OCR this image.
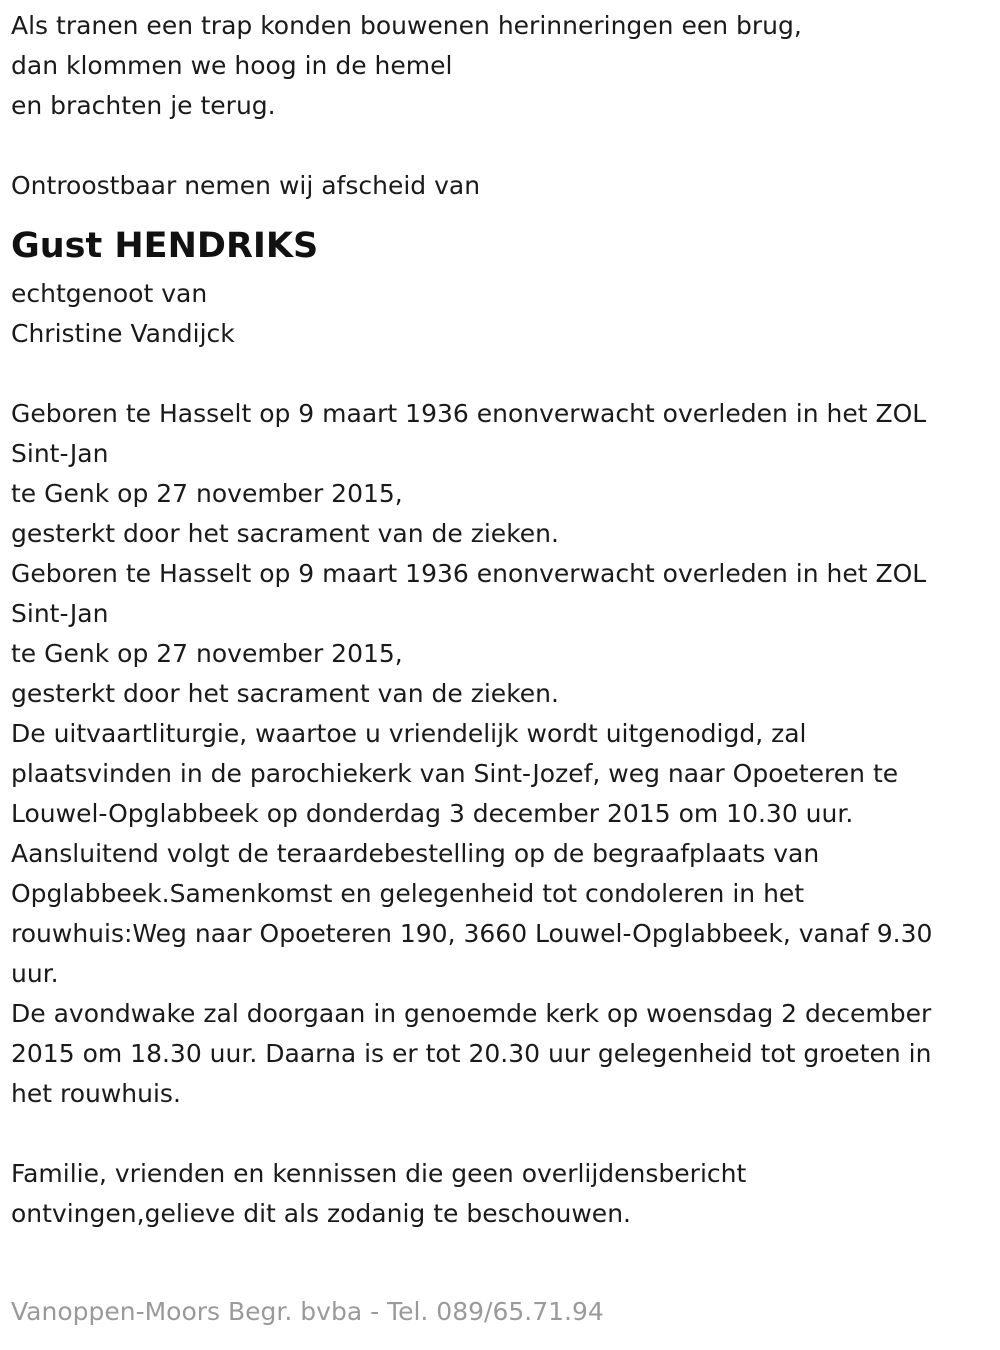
Als tranen een trap konden bouwenen herinneringen een brug,
dan klommen we hoog in de hemel
en brachten je terug.
Ontroostbaar nemen wij afscheid van
Gust HENDRIKS
echtgenoot van
Christine Vandijck
Geboren te Hasselt op 9 maart 1936 enonverwacht overleden in het ZOL
Sint-Jan
te Genk op 27 november 2015,
gesterkt door het sacrament van de zieken.
Geboren te Hasselt op 9 maart 1936 enonverwacht overleden in het ZOL
Sint-Jan
te Genk op 27 november 2015,
gesterkt door het sacrament van de zieken.
De uitvaartliturgie, waartoe u vriendelijk wordt uitgenodigd, zal
plaatsvinden in de parochiekerk van Sint-Jozef, weg naar Opoeteren te
Louwel-Opglabbeek op donderdag 3 december 2015 om 10.30 uur.
Aansluitend volgt de teraardebestelling op de begraafplaats van
Opglabbeek.Samenkomst en gelegenheid tot condoleren in het
rouwhuis:Weg naar Opoeteren 190, 3660 Louwel-Opglabbeek, vanaf 9.30
uur.
De avondwake zal doorgaan in genoemde kerk op woensdag 2 december
2015 om 18.30 uur. Daarna is er tot 20.30 uur gelegenheid tot groeten in
het rouwhuis.
Familie, vrienden en kennissen die geen overlijdensbericht
ontvingen,gelieve dit als zodanig te beschouwen.
Vanoppen-Moors Begr. bvba - Tel. 089/65.71.94
